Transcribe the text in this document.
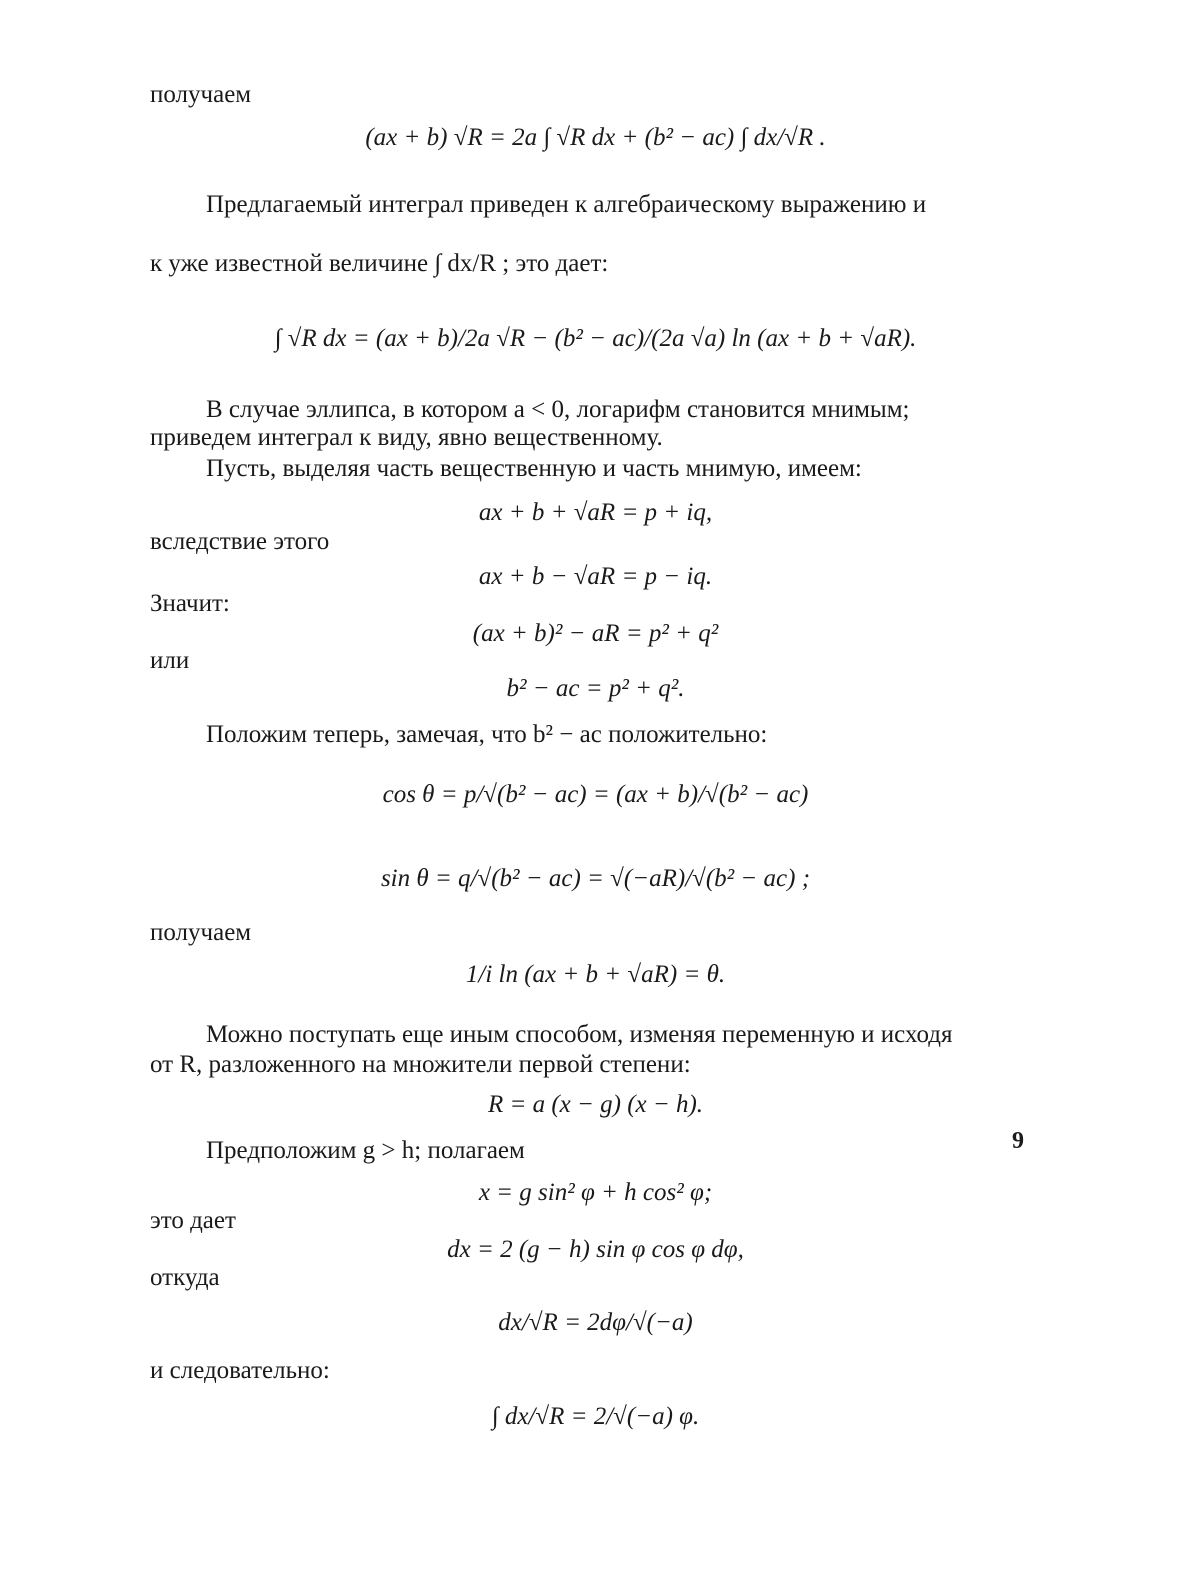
получаем
(ax + b) √R = 2a ∫ √R dx + (b² − ac) ∫ dx/√R .
Предлагаемый интеграл приведен к алгебраическому выражению и
к уже известной величине ∫ dx/R ; это дает:
∫ √R dx = (ax + b)/2a √R − (b² − ac)/(2a √a) ln (ax + b + √aR).
В случае эллипса, в котором a < 0, логарифм становится мнимым;
приведем интеграл к виду, явно вещественному.
Пусть, выделяя часть вещественную и часть мнимую, имеем:
ax + b + √aR = p + iq,
вследствие этого
ax + b − √aR = p − iq.
Значит:
(ax + b)² − aR = p² + q²
или
b² − ac = p² + q².
Положим теперь, замечая, что b² − ac положительно:
cos θ = p/√(b² − ac) = (ax + b)/√(b² − ac)
sin θ = q/√(b² − ac) = √(−aR)/√(b² − ac) ;
получаем
1/i ln (ax + b + √aR) = θ.
Можно поступать еще иным способом, изменяя переменную и исходя
от R, разложенного на множители первой степени:
R = a (x − g) (x − h).
Предположим g > h; полагаем
x = g sin² φ + h cos² φ;
это дает
dx = 2 (g − h) sin φ cos φ dφ,
откуда
dx/√R = 2dφ/√(−a)
и следовательно:
∫ dx/√R = 2/√(−a) φ.
9
